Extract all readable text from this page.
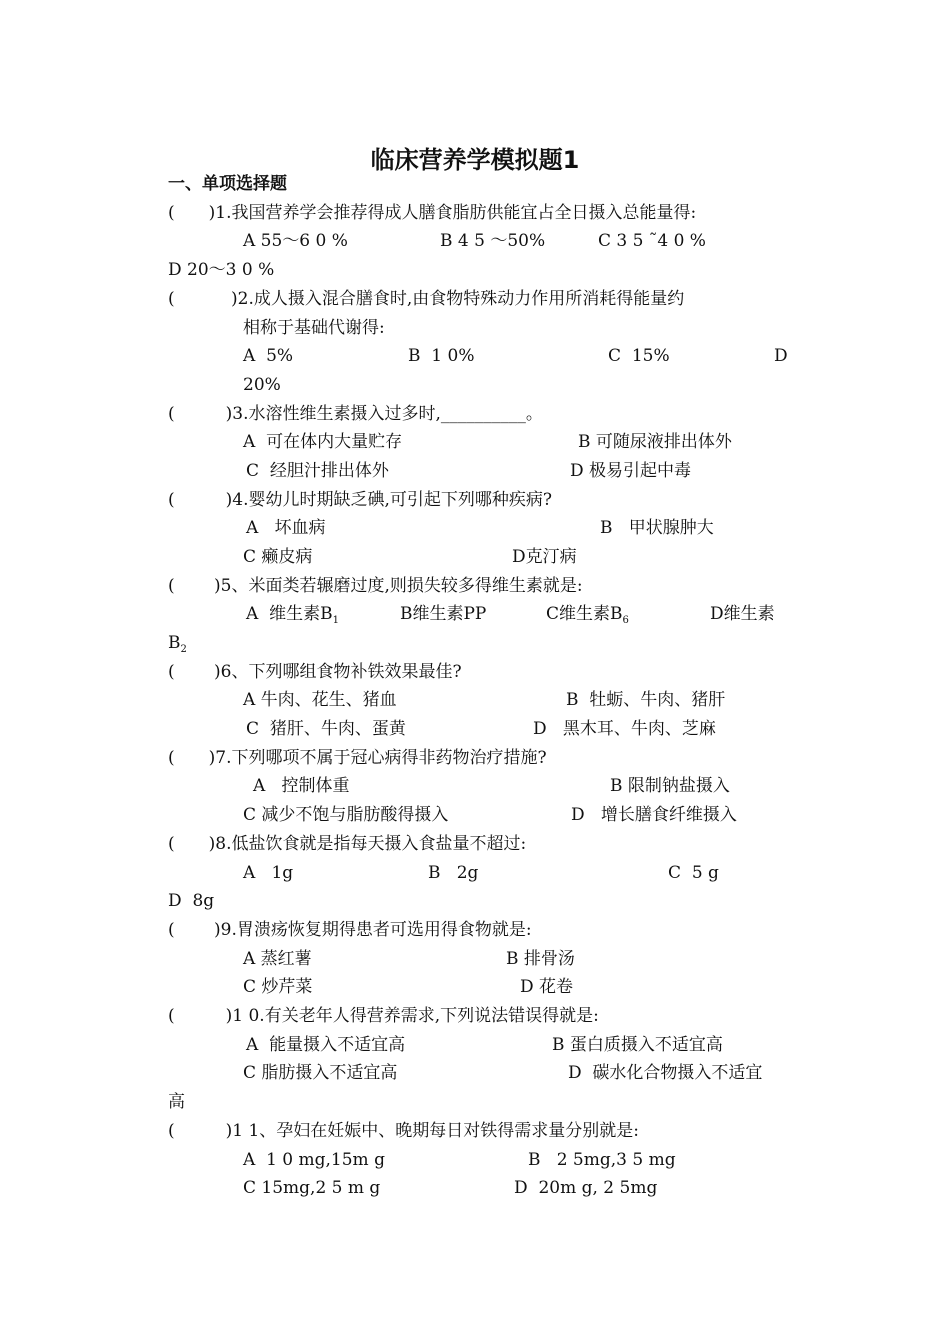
临床营养学模拟题1
一、单项选择题
(　　)1.我国营养学会推荐得成人膳食脂肪供能宜占全日摄入总能量得:
A 55～6 0 %	B 4 5 ～50%	C 3 5 ˜4 0 %
D 20～3 0 %
(　　　 )2.成人摄入混合膳食时,由食物特殊动力作用所消耗得能量约
相称于基础代谢得:
A  5%	B  1 0%	C  15%	D
20%
(　　　)3.水溶性维生素摄入过多时,__________。
A  可在体内大量贮存	B 可随尿液排出体外
C  经胆汁排出体外	D 极易引起中毒
(　　　)4.婴幼儿时期缺乏碘,可引起下列哪种疾病?
A   坏血病	B   甲状腺肿大
C 癞皮病	D克汀病
(　　 )5、米面类若辗磨过度,则损失较多得维生素就是:
A  维生素$B_1$	B维生素PP	C维生素$B_6$	D维生素
$B_2$
(　　 )6、下列哪组食物补铁效果最佳?
A 牛肉、花生、猪血	B  牡蛎、牛肉、猪肝
C  猪肝、牛肉、蛋黄	D   黑木耳、牛肉、芝麻
(　　)7.下列哪项不属于冠心病得非药物治疗措施?
A   控制体重	B 限制钠盐摄入
C 减少不饱与脂肪酸得摄入	D   增长膳食纤维摄入
(　　)8.低盐饮食就是指每天摄入食盐量不超过:
A   1g	B   2g	C  5 g
D  8g
(　　 )9.胃溃疡恢复期得患者可选用得食物就是:
A 蒸红薯	B 排骨汤
C 炒芹菜	D 花卷
(　　　)1 0.有关老年人得营养需求,下列说法错误得就是:
A  能量摄入不适宜高	B 蛋白质摄入不适宜高
C 脂肪摄入不适宜高	D  碳水化合物摄入不适宜
高
(　　　)1 1、孕妇在妊娠中、晚期每日对铁得需求量分别就是:
A  1 0 mg,15m g	B   2 5mg,3 5 mg
C 15mg,2 5 m g	D  20m g, 2 5mg
